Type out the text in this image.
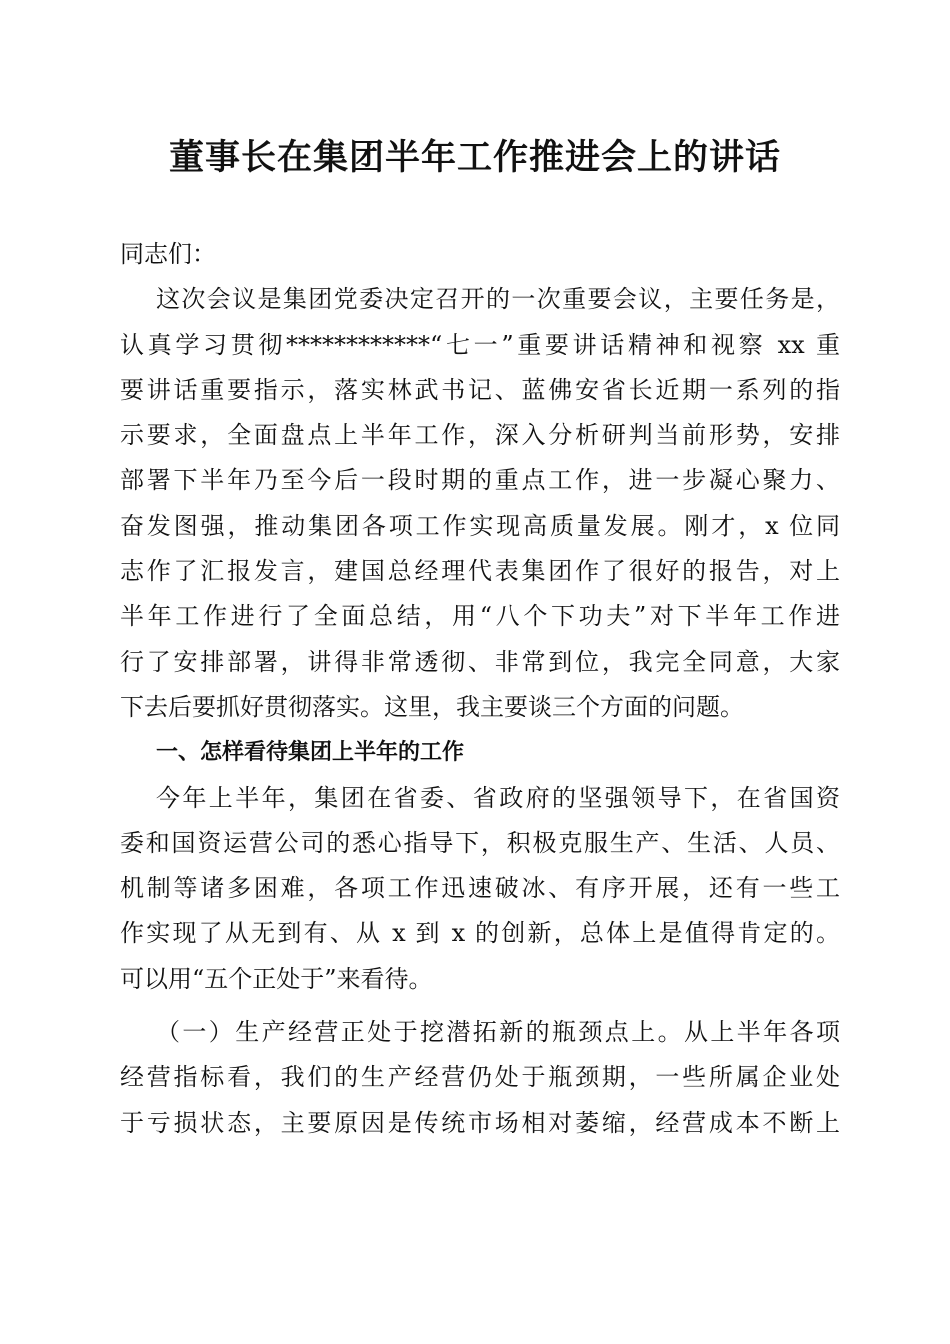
董事长在集团半年工作推进会上的讲话
同志们：
这次会议是集团党委决定召开的一次重要会议，主要任务是，
认真学习贯彻************“七一”重要讲话精神和视察 xx 重
要讲话重要指示，落实林武书记、蓝佛安省长近期一系列的指
示要求，全面盘点上半年工作，深入分析研判当前形势，安排
部署下半年乃至今后一段时期的重点工作，进一步凝心聚力、
奋发图强，推动集团各项工作实现高质量发展。刚才，x 位同
志作了汇报发言，建国总经理代表集团作了很好的报告，对上
半年工作进行了全面总结，用“八个下功夫”对下半年工作进
行了安排部署，讲得非常透彻、非常到位，我完全同意，大家
下去后要抓好贯彻落实。这里，我主要谈三个方面的问题。
一、怎样看待集团上半年的工作
今年上半年，集团在省委、省政府的坚强领导下，在省国资
委和国资运营公司的悉心指导下，积极克服生产、生活、人员、
机制等诸多困难，各项工作迅速破冰、有序开展，还有一些工
作实现了从无到有、从 x 到 x 的创新，总体上是值得肯定的。
可以用“五个正处于”来看待。
（一）生产经营正处于挖潜拓新的瓶颈点上。从上半年各项
经营指标看，我们的生产经营仍处于瓶颈期，一些所属企业处
于亏损状态，主要原因是传统市场相对萎缩，经营成本不断上
